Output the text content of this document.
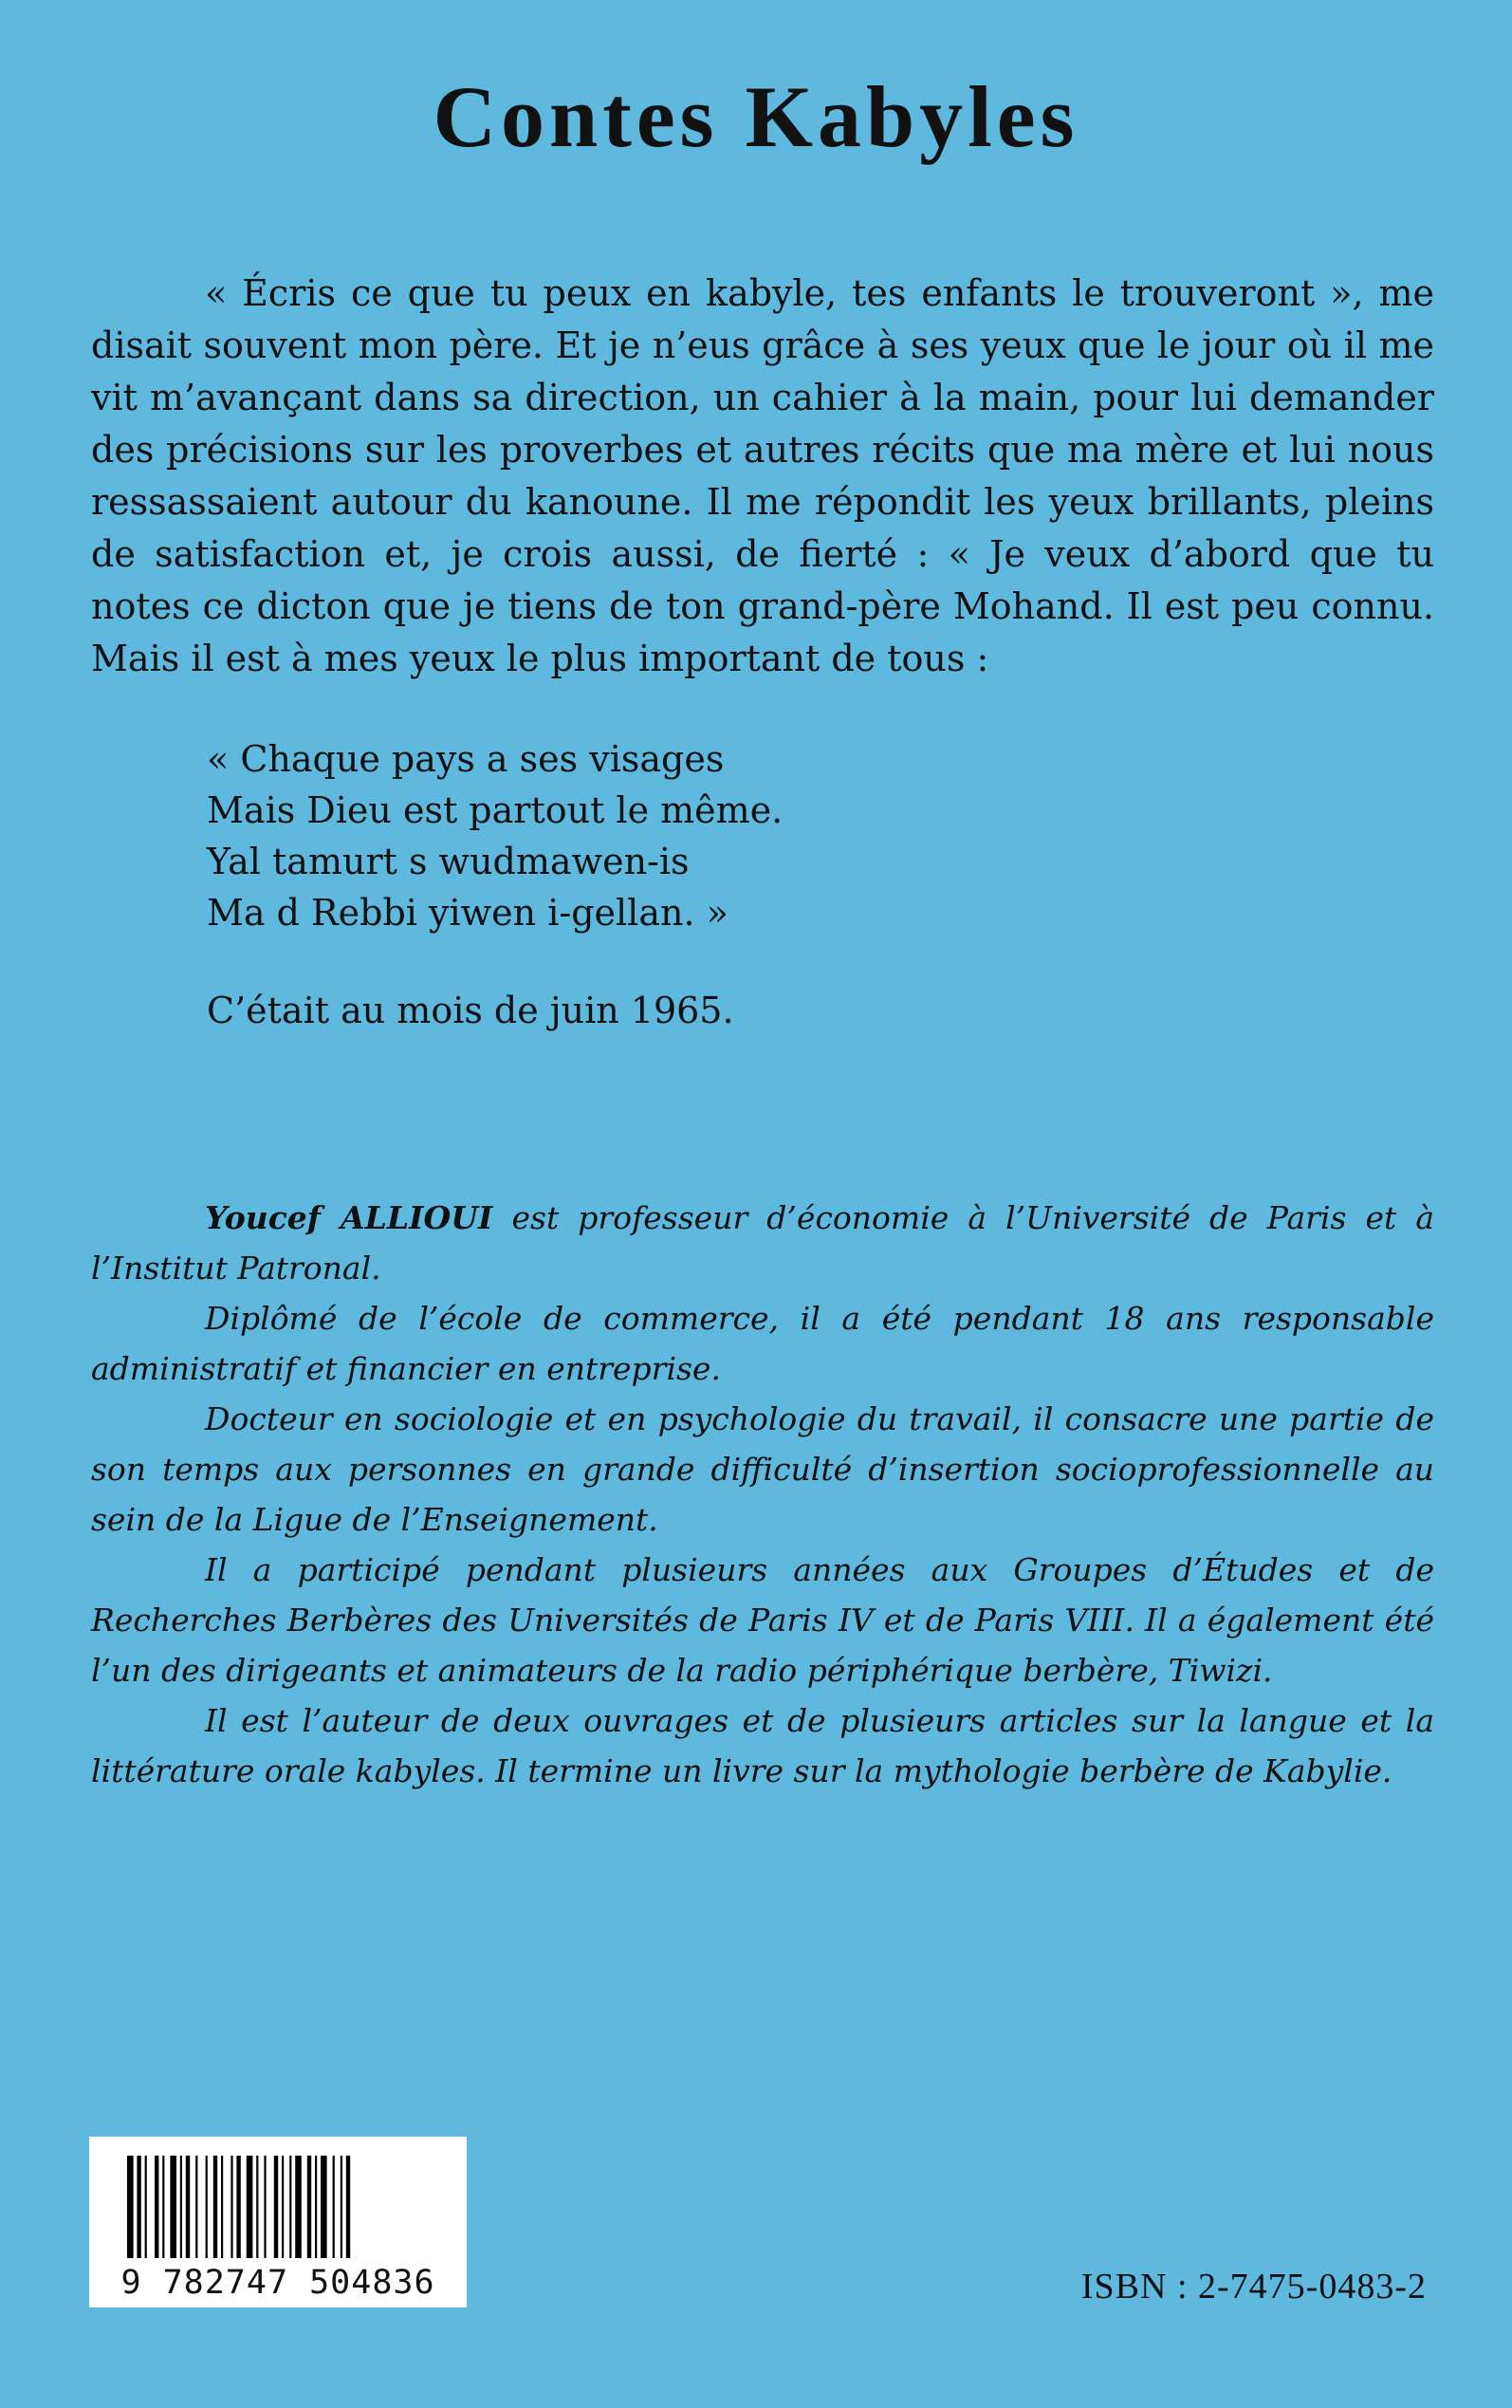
Contes Kabyles

« Écris ce que tu peux en kabyle, tes enfants le trouveront », me disait souvent mon père. Et je n’eus grâce à ses yeux que le jour où il me vit m’avançant dans sa direction, un cahier à la main, pour lui demander des précisions sur les proverbes et autres récits que ma mère et lui nous ressassaient autour du kanoune. Il me répondit les yeux brillants, pleins de satisfaction et, je crois aussi, de fierté : « Je veux d’abord que tu notes ce dicton que je tiens de ton grand-père Mohand. Il est peu connu. Mais il est à mes yeux le plus important de tous :

« Chaque pays a ses visages
Mais Dieu est partout le même.
Yal tamurt s wudmawen-is
Ma d Rebbi yiwen i-gellan. »
C’était au mois de juin 1965.

Youcef ALLIOUI est professeur d’économie à l’Université de Paris et à l’Institut Patronal.

Diplômé de l’école de commerce, il a été pendant 18 ans responsable administratif et financier en entreprise.

Docteur en sociologie et en psychologie du travail, il consacre une partie de son temps aux personnes en grande difficulté d’insertion socioprofessionnelle au sein de la Ligue de l’Enseignement.

Il a participé pendant plusieurs années aux Groupes d’Études et de Recherches Berbères des Universités de Paris IV et de Paris VIII. Il a également été l’un des dirigeants et animateurs de la radio périphérique berbère, Tiwizi.

Il est l’auteur de deux ouvrages et de plusieurs articles sur la langue et la littérature orale kabyles. Il termine un livre sur la mythologie berbère de Kabylie.

9 782747 504836	ISBN : 2-7475-0483-2
